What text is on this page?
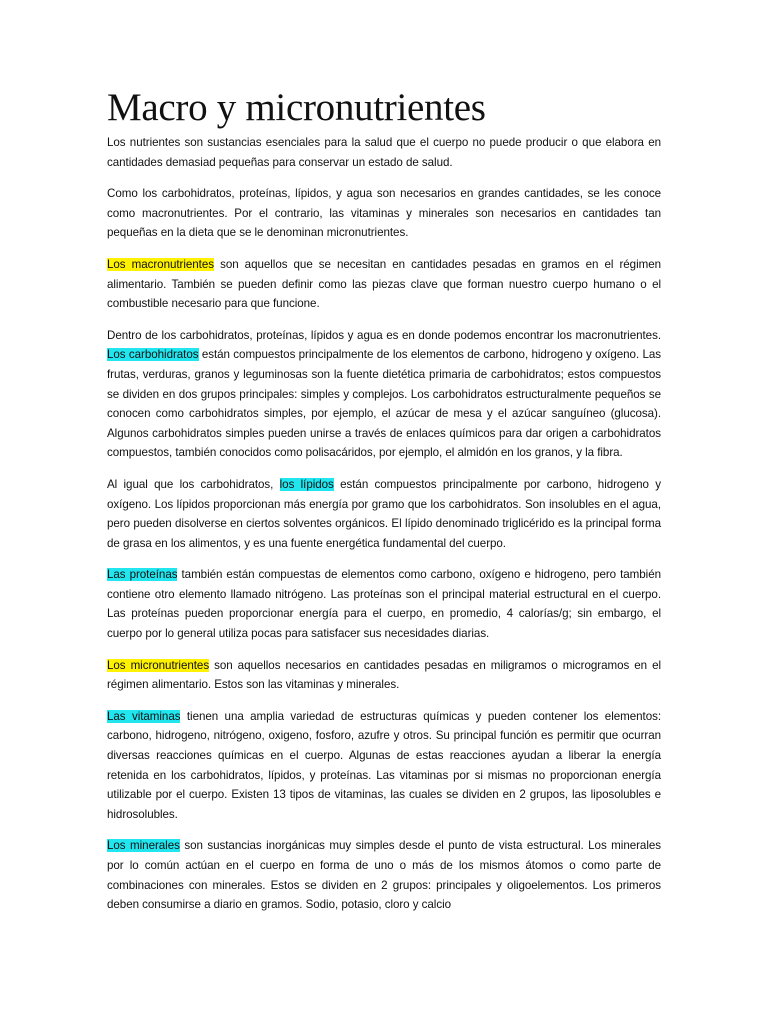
Macro y micronutrientes

Los nutrientes son sustancias esenciales para la salud que el cuerpo no puede producir o que elabora en cantidades demasiad pequeñas para conservar un estado de salud.

Como los carbohidratos, proteínas, lípidos, y agua son necesarios en grandes cantidades, se les conoce como macronutrientes. Por el contrario, las vitaminas y minerales son necesarios en cantidades tan pequeñas en la dieta que se le denominan micronutrientes.

Los macronutrientes son aquellos que se necesitan en cantidades pesadas en gramos en el régimen alimentario. También se pueden definir como las piezas clave que forman nuestro cuerpo humano o el combustible necesario para que funcione.

Dentro de los carbohidratos, proteínas, lípidos y agua es en donde podemos encontrar los macronutrientes. Los carbohidratos están compuestos principalmente de los elementos de carbono, hidrogeno y oxígeno. Las frutas, verduras, granos y leguminosas son la fuente dietética primaria de carbohidratos; estos compuestos se dividen en dos grupos principales: simples y complejos. Los carbohidratos estructuralmente pequeños se conocen como carbohidratos simples, por ejemplo, el azúcar de mesa y el azúcar sanguíneo (glucosa). Algunos carbohidratos simples pueden unirse a través de enlaces químicos para dar origen a carbohidratos compuestos, también conocidos como polisacáridos, por ejemplo, el almidón en los granos, y la fibra.

Al igual que los carbohidratos, los lípidos están compuestos principalmente por carbono, hidrogeno y oxígeno. Los lípidos proporcionan más energía por gramo que los carbohidratos. Son insolubles en el agua, pero pueden disolverse en ciertos solventes orgánicos. El lípido denominado triglicérido es la principal forma de grasa en los alimentos, y es una fuente energética fundamental del cuerpo.

Las proteínas también están compuestas de elementos como carbono, oxígeno e hidrogeno, pero también contiene otro elemento llamado nitrógeno. Las proteínas son el principal material estructural en el cuerpo. Las proteínas pueden proporcionar energía para el cuerpo, en promedio, 4 calorías/g; sin embargo, el cuerpo por lo general utiliza pocas para satisfacer sus necesidades diarias.

Los micronutrientes son aquellos necesarios en cantidades pesadas en miligramos o microgramos en el régimen alimentario. Estos son las vitaminas y minerales.

Las vitaminas tienen una amplia variedad de estructuras químicas y pueden contener los elementos: carbono, hidrogeno, nitrógeno, oxigeno, fosforo, azufre y otros. Su principal función es permitir que ocurran diversas reacciones químicas en el cuerpo. Algunas de estas reacciones ayudan a liberar la energía retenida en los carbohidratos, lípidos, y proteínas. Las vitaminas por si mismas no proporcionan energía utilizable por el cuerpo. Existen 13 tipos de vitaminas, las cuales se dividen en 2 grupos, las liposolubles e hidrosolubles.

Los minerales son sustancias inorgánicas muy simples desde el punto de vista estructural. Los minerales por lo común actúan en el cuerpo en forma de uno o más de los mismos átomos o como parte de combinaciones con minerales. Estos se dividen en 2 grupos: principales y oligoelementos. Los primeros deben consumirse a diario en gramos. Sodio, potasio, cloro y calcio
